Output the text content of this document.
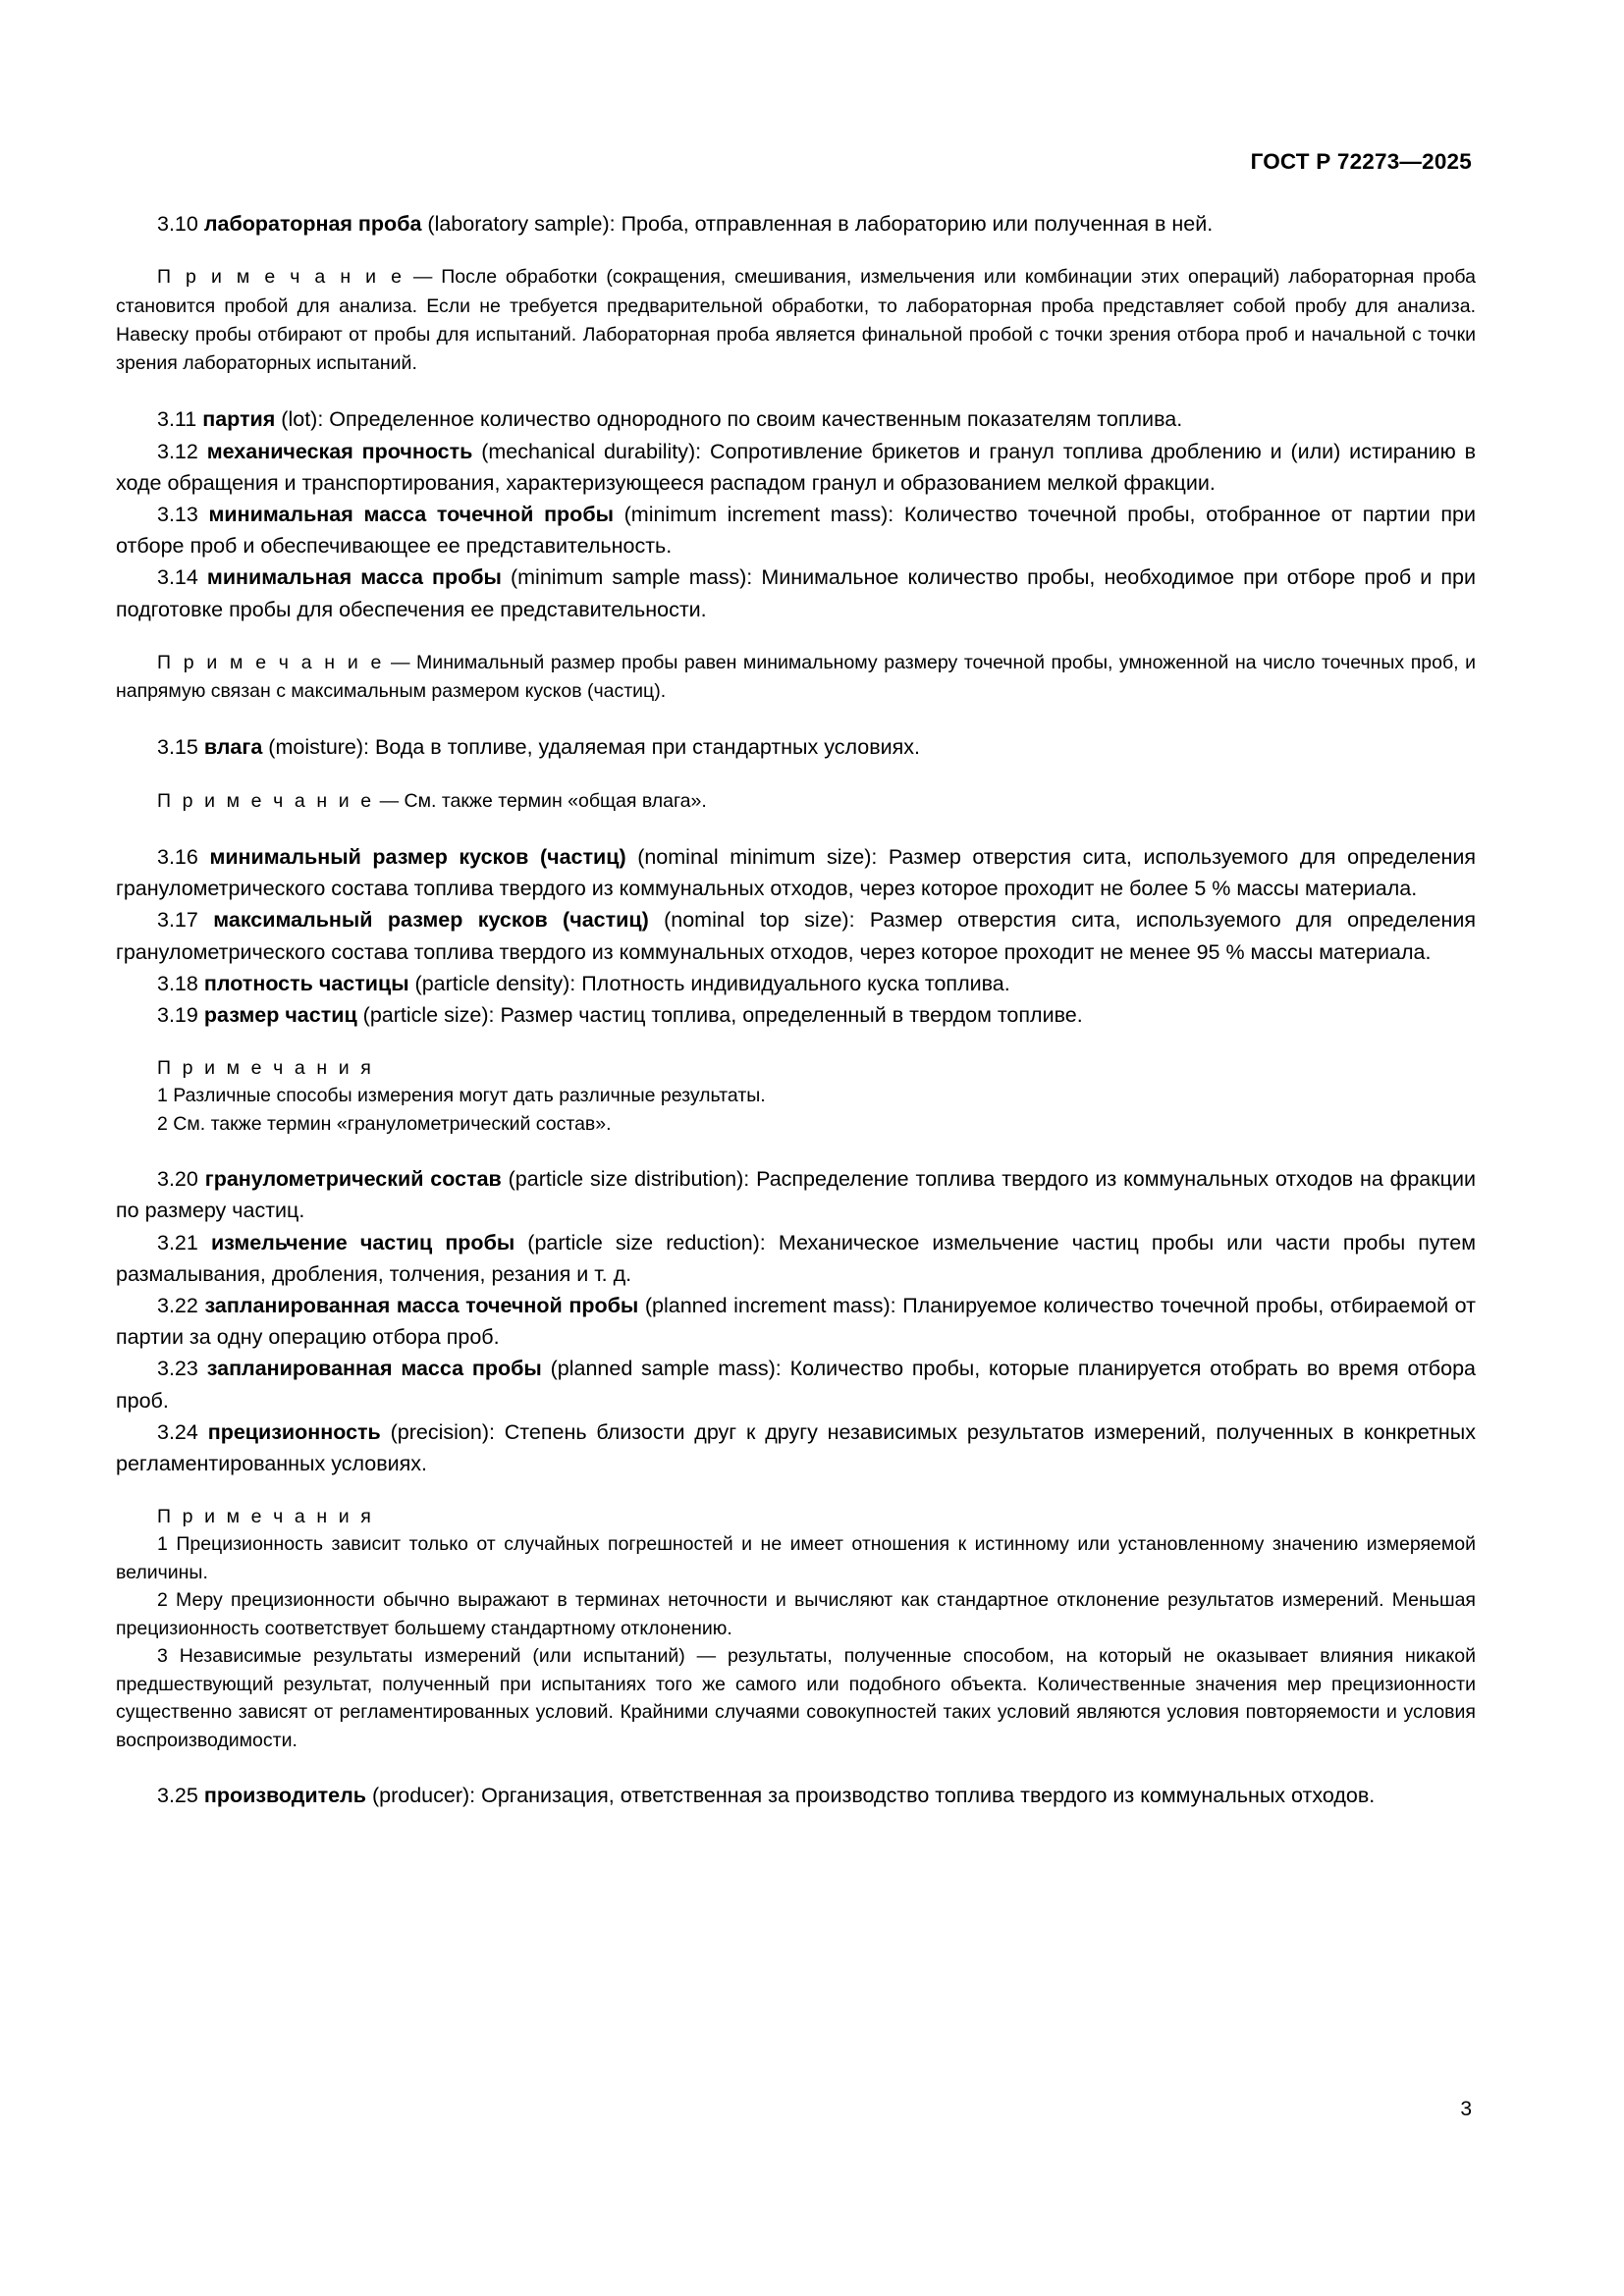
ГОСТ Р 72273—2025

3.10 лабораторная проба (laboratory sample): Проба, отправленная в лабораторию или полученная в ней.

П р и м е ч а н и е — После обработки (сокращения, смешивания, измельчения или комбинации этих операций) лабораторная проба становится пробой для анализа. Если не требуется предварительной обработки, то лабораторная проба представляет собой пробу для анализа. Навеску пробы отбирают от пробы для испытаний. Лабораторная проба является финальной пробой с точки зрения отбора проб и начальной с точки зрения лабораторных испытаний.

3.11 партия (lot): Определенное количество однородного по своим качественным показателям топлива.

3.12 механическая прочность (mechanical durability): Сопротивление брикетов и гранул топлива дроблению и (или) истиранию в ходе обращения и транспортирования, характеризующееся распадом гранул и образованием мелкой фракции.

3.13 минимальная масса точечной пробы (minimum increment mass): Количество точечной пробы, отобранное от партии при отборе проб и обеспечивающее ее представительность.

3.14 минимальная масса пробы (minimum sample mass): Минимальное количество пробы, необходимое при отборе проб и при подготовке пробы для обеспечения ее представительности.

П р и м е ч а н и е — Минимальный размер пробы равен минимальному размеру точечной пробы, умноженной на число точечных проб, и напрямую связан с максимальным размером кусков (частиц).

3.15 влага (moisture): Вода в топливе, удаляемая при стандартных условиях.

П р и м е ч а н и е — См. также термин «общая влага».

3.16 минимальный размер кусков (частиц) (nominal minimum size): Размер отверстия сита, используемого для определения гранулометрического состава топлива твердого из коммунальных отходов, через которое проходит не более 5 % массы материала.

3.17 максимальный размер кусков (частиц) (nominal top size): Размер отверстия сита, используемого для определения гранулометрического состава топлива твердого из коммунальных отходов, через которое проходит не менее 95 % массы материала.

3.18 плотность частицы (particle density): Плотность индивидуального куска топлива.

3.19 размер частиц (particle size): Размер частиц топлива, определенный в твердом топливе.

П р и м е ч а н и я

1 Различные способы измерения могут дать различные результаты.

2 См. также термин «гранулометрический состав».

3.20 гранулометрический состав (particle size distribution): Распределение топлива твердого из коммунальных отходов на фракции по размеру частиц.

3.21 измельчение частиц пробы (particle size reduction): Механическое измельчение частиц пробы или части пробы путем размалывания, дробления, толчения, резания и т. д.

3.22 запланированная масса точечной пробы (planned increment mass): Планируемое количество точечной пробы, отбираемой от партии за одну операцию отбора проб.

3.23 запланированная масса пробы (planned sample mass): Количество пробы, которые планируется отобрать во время отбора проб.

3.24 прецизионность (precision): Степень близости друг к другу независимых результатов измерений, полученных в конкретных регламентированных условиях.

П р и м е ч а н и я

1 Прецизионность зависит только от случайных погрешностей и не имеет отношения к истинному или установленному значению измеряемой величины.

2 Меру прецизионности обычно выражают в терминах неточности и вычисляют как стандартное отклонение результатов измерений. Меньшая прецизионность соответствует большему стандартному отклонению.

3 Независимые результаты измерений (или испытаний) — результаты, полученные способом, на который не оказывает влияния никакой предшествующий результат, полученный при испытаниях того же самого или подобного объекта. Количественные значения мер прецизионности существенно зависят от регламентированных условий. Крайними случаями совокупностей таких условий являются условия повторяемости и условия воспроизводимости.

3.25 производитель (producer): Организация, ответственная за производство топлива твердого из коммунальных отходов.

3
